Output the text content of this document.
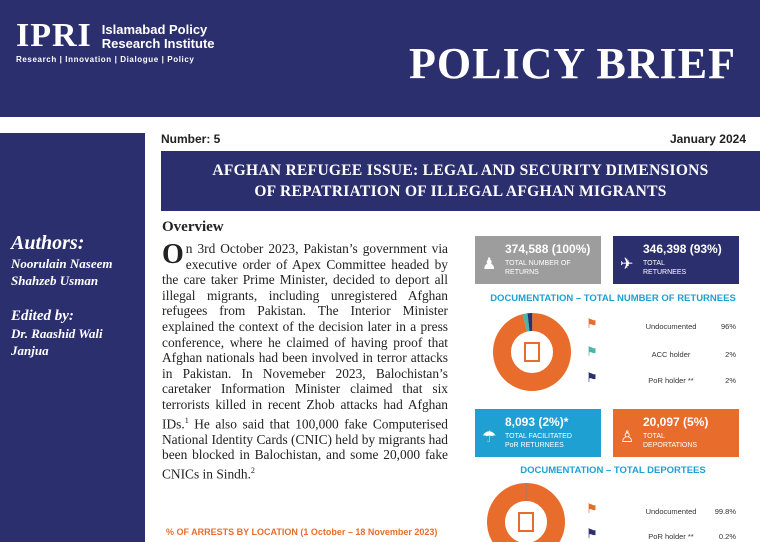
IPRI Islamabad Policy
Research Institute
Research | Innovation | Dialogue | Policy	POLICY BRIEF
Authors:
Noorulain Naseem
Shahzeb Usman
Edited by:
Dr. Raashid Wali
Janjua
Number: 5	January 2024
AFGHAN REFUGEE ISSUE: LEGAL AND SECURITY DIMENSIONS
OF REPATRIATION OF ILLEGAL AFGHAN MIGRANTS
Overview
On 3rd October 2023, Pakistan’s government via executive order of Apex Committee headed by the care taker Prime Minister, decided to deport all illegal migrants, including unregistered Afghan refugees from Pakistan. The Interior Minister explained the context of the decision later in a press conference, where he claimed of having proof that Afghan nationals had been involved in terror attacks in Pakistan. In Novemeber 2023, Balochistan’s caretaker Information Minister claimed that six terrorists killed in recent Zhob attacks had Afghan IDs.$^1$ He also said that 100,000 fake Computerised National Identity Cards (CNIC) held by migrants had been blocked in Balochistan, and some 20,000 fake CNICs in Sindh.$^2$
% OF ARRESTS BY LOCATION (1 October – 18 November 2023)
♟
374,588 (100%)
TOTAL NUMBER OF
RETURNS	✈
346,398 (93%)
TOTAL
RETURNEES
DOCUMENTATION – TOTAL NUMBER OF RETURNEES
⚑	Undocumented	96%
⚑	ACC holder	2%
⚑	PoR holder **	2%
☂
8,093 (2%)*
TOTAL FACILITATED
PoR RETURNEES	♙
20,097 (5%)
TOTAL
DEPORTATIONS
DOCUMENTATION – TOTAL DEPORTEES
⚑	Undocumented	99.8%
⚑	PoR holder **	0.2%
